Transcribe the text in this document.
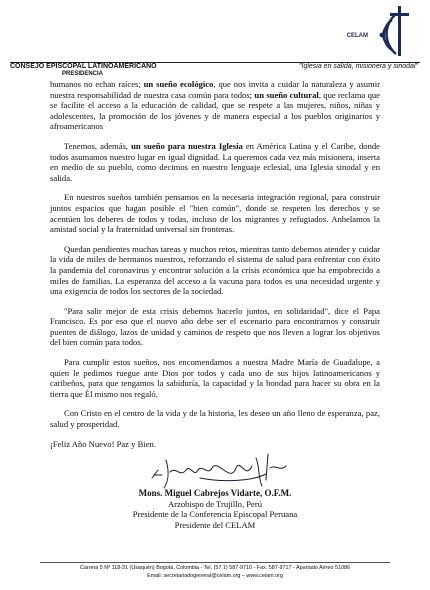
CELAM
CONSEJO EPISCOPAL LATINOAMERICANO
PRESIDENCIA
"Iglesia en salida, misionera y sinodal"

humanos no echan raíces; un sueño ecológico, que nos invita a cuidar la naturaleza y asumir nuestra responsabilidad de nuestra casa común para todos; un sueño cultural, que reclama que se facilite el acceso a la educación de calidad, que se respete a las mujeres, niños, niñas y adolescentes, la promoción de los jóvenes y de manera especial a los pueblos originarios y afroamericanos

Tenemos, además, un sueño para nuestra Iglesia en América Latina y el Caribe, donde todos asumamos nuestro lugar en igual dignidad. La queremos cada vez más misionera, inserta en medio de su pueblo, como decimos en nuestro lenguaje eclesial, una Iglesia sinodal y en salida.

En nuestros sueños también pensamos en la necesaria integración regional, para construir juntos espacios que hagan posible el "bien común", donde se respeten los derechos y se acentúen los deberes de todos y todas, incluso de los migrantes y refugiados. Anhelamos la amistad social y la fraternidad universal sin fronteras.

Quedan pendientes muchas tareas y muchos retos, mientras tanto debemos atender y cuidar la vida de miles de hermanos nuestros, reforzando el sistema de salud para enfrentar con éxito la pandemia del coronavirus y encontrar solución a la crisis económica que ha empobrecido a miles de familias. La esperanza del acceso a la vacuna para todos es una necesidad urgente y una exigencia de todos los sectores de la sociedad.

"Para salir mejor de esta crisis debemos hacerlo juntos, en solidaridad", dice el Papa Francisco. Es por eso que el nuevo año debe ser el escenario para encontrarnos y construir puentes de diálogo, lazos de unidad y caminos de respeto que nos lleven a lograr los objetivos del bien común para todos.

Para cumplir estos sueños, nos encomendamos a nuestra Madre María de Guadalupe, a quien le pedimos ruegue ante Dios por todos y cada uno de sus hijos latinoamericanos y caribeños, para que tengamos la sabiduría, la capacidad y la bondad para hacer su obra en la tierra que Él mismo nos regaló.

Con Cristo en el centro de la vida y de la historia, les deseo un año lleno de esperanza, paz, salud y prosperidad.

¡Feliz Año Nuevo! Paz y Bien.

Mons. Miguel Cabrejos Vidarte, O.F.M.
Arzobispo de Trujillo, Perú
Presidente de la Conferencia Episcopal Peruana
Presidente del CELAM
Carrera 5 Nº 118-31 (Usaquén) Bogotá, Colombia - Tel. (57 1) 587-9710 - Fax. 587-9717 - Apartado Aéreo 51086
Email: secretariadogeneral@celam.org – www.celam.org
